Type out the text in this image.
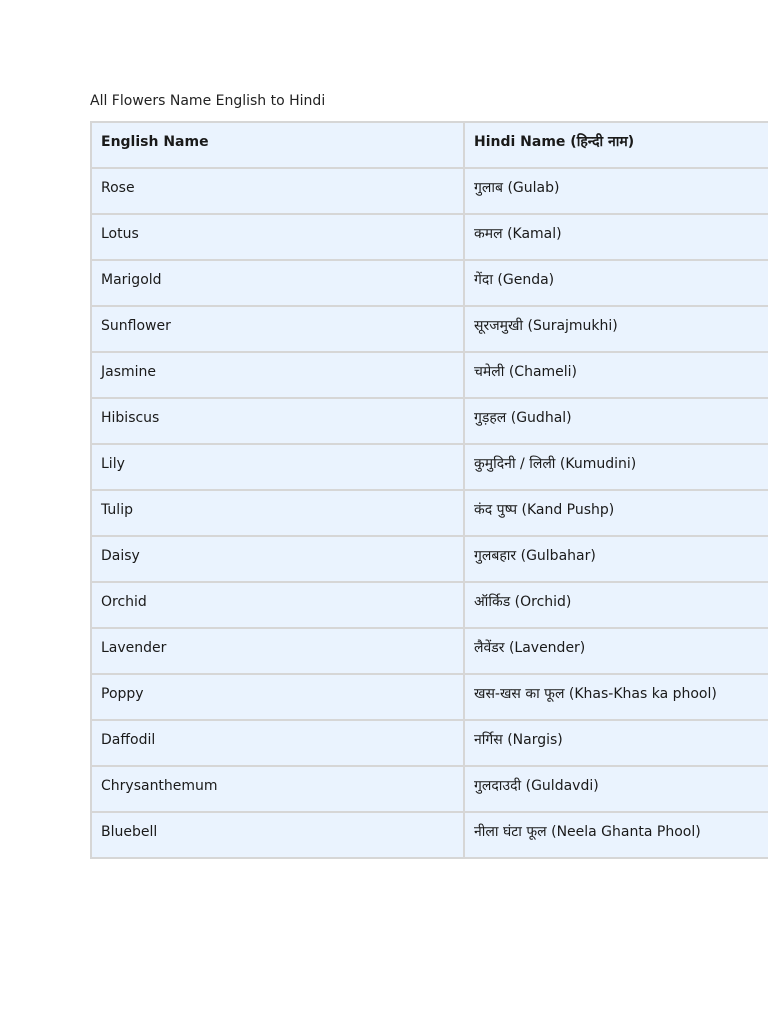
All Flowers Name English to Hindi
English Name	Hindi Name (हिन्दी नाम)
Rose	गुलाब (Gulab)
Lotus	कमल (Kamal)
Marigold	गेंदा (Genda)
Sunflower	सूरजमुखी (Surajmukhi)
Jasmine	चमेली (Chameli)
Hibiscus	गुड़हल (Gudhal)
Lily	कुमुदिनी / लिली (Kumudini)
Tulip	कंद पुष्प (Kand Pushp)
Daisy	गुलबहार (Gulbahar)
Orchid	ऑर्किड (Orchid)
Lavender	लैवेंडर (Lavender)
Poppy	खस-खस का फूल (Khas-Khas ka phool)
Daffodil	नर्गिस (Nargis)
Chrysanthemum	गुलदाउदी (Guldavdi)
Bluebell	नीला घंटा फूल (Neela Ghanta Phool)
